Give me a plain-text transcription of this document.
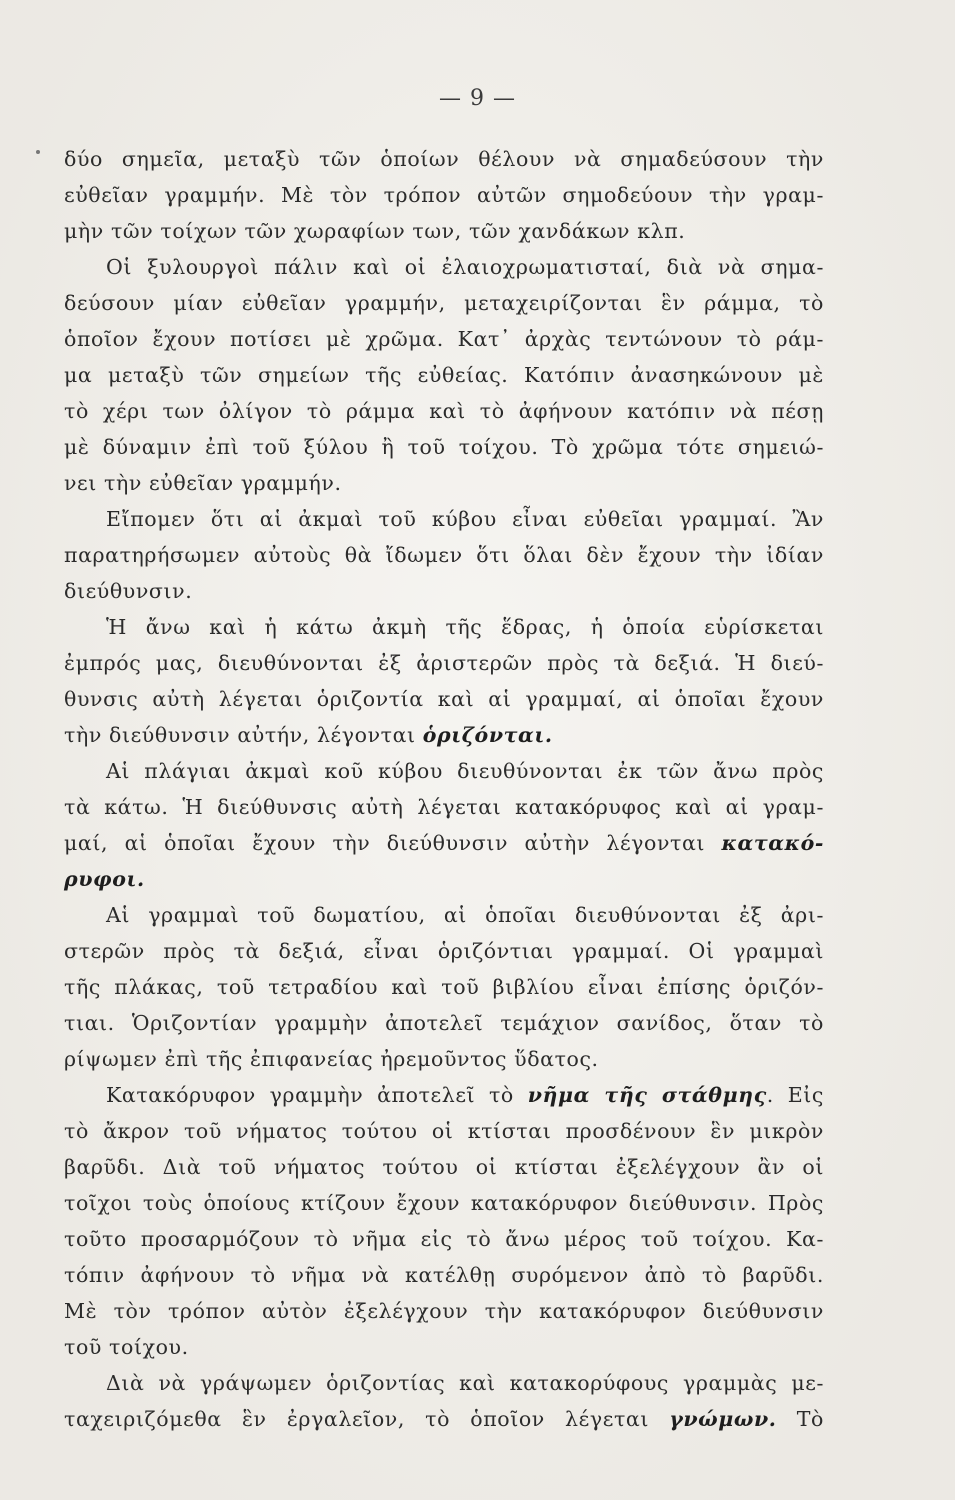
— 9 —
δύο σημεῖα, μεταξὺ τῶν ὁποίων θέλουν νὰ σημαδεύσουν τὴν
εὐθεῖαν γραμμήν. Μὲ τὸν τρόπον αὐτῶν σημοδεύουν τὴν γραμ-
μὴν τῶν τοίχων τῶν χωραφίων των, τῶν χανδάκων κλπ.
Οἱ ξυλουργοὶ πάλιν καὶ οἱ ἐλαιοχρωματισταί, διὰ νὰ σημα-
δεύσουν μίαν εὐθεῖαν γραμμήν, μεταχειρίζονται ἓν ράμμα, τὸ
ὁποῖον ἔχουν ποτίσει μὲ χρῶμα. Κατ᾿ ἀρχὰς τεντώνουν τὸ ράμ-
μα μεταξὺ τῶν σημείων τῆς εὐθείας. Κατόπιν ἀνασηκώνουν μὲ
τὸ χέρι των ὀλίγον τὸ ράμμα καὶ τὸ ἀφήνουν κατόπιν νὰ πέσῃ
μὲ δύναμιν ἐπὶ τοῦ ξύλου ἢ τοῦ τοίχου. Τὸ χρῶμα τότε σημειώ-
νει τὴν εὐθεῖαν γραμμήν.
Εἴπομεν ὅτι αἱ ἀκμαὶ τοῦ κύβου εἶναι εὐθεῖαι γραμμαί. Ἂν
παρατηρήσωμεν αὐτοὺς θὰ ἴδωμεν ὅτι ὅλαι δὲν ἔχουν τὴν ἰδίαν
διεύθυνσιν.
Ἡ ἄνω καὶ ἡ κάτω ἀκμὴ τῆς ἕδρας, ἡ ὁποία εὑρίσκεται
ἐμπρός μας, διευθύνονται ἐξ ἀριστερῶν πρὸς τὰ δεξιά. Ἡ διεύ-
θυνσις αὐτὴ λέγεται ὁριζοντία καὶ αἱ γραμμαί, αἱ ὁποῖαι ἔχουν
τὴν διεύθυνσιν αὐτήν, λέγονται ὁριζόνται.
Αἱ πλάγιαι ἀκμαὶ κοῦ κύβου διευθύνονται ἐκ τῶν ἄνω πρὸς
τὰ κάτω. Ἡ διεύθυνσις αὐτὴ λέγεται κατακόρυφος καὶ αἱ γραμ-
μαί, αἱ ὁποῖαι ἔχουν τὴν διεύθυνσιν αὐτὴν λέγονται κατακό-
ρυφοι.
Αἱ γραμμαὶ τοῦ δωματίου, αἱ ὁποῖαι διευθύνονται ἐξ ἀρι-
στερῶν πρὸς τὰ δεξιά, εἶναι ὁριζόντιαι γραμμαί. Οἱ γραμμαὶ
τῆς πλάκας, τοῦ τετραδίου καὶ τοῦ βιβλίου εἶναι ἐπίσης ὁριζόν-
τιαι. Ὁριζοντίαν γραμμὴν ἀποτελεῖ τεμάχιον σανίδος, ὅταν τὸ
ρίψωμεν ἐπὶ τῆς ἐπιφανείας ἠρεμοῦντος ὕδατος.
Κατακόρυφον γραμμὴν ἀποτελεῖ τὸ νῆμα τῆς στάθμης. Εἰς
τὸ ἄκρον τοῦ νήματος τούτου οἱ κτίσται προσδένουν ἓν μικρὸν
βαρῦδι. Διὰ τοῦ νήματος τούτου οἱ κτίσται ἐξελέγχουν ἂν οἱ
τοῖχοι τοὺς ὁποίους κτίζουν ἔχουν κατακόρυφον διεύθυνσιν. Πρὸς
τοῦτο προσαρμόζουν τὸ νῆμα εἰς τὸ ἄνω μέρος τοῦ τοίχου. Κα-
τόπιν ἀφήνουν τὸ νῆμα νὰ κατέλθῃ συρόμενον ἀπὸ τὸ βαρῦδι.
Μὲ τὸν τρόπον αὐτὸν ἐξελέγχουν τὴν κατακόρυφον διεύθυνσιν
τοῦ τοίχου.
Διὰ νὰ γράψωμεν ὁριζοντίας καὶ κατακορύφους γραμμὰς με-
ταχειριζόμεθα ἓν ἐργαλεῖον, τὸ ὁποῖον λέγεται γνώμων. Τὸ
